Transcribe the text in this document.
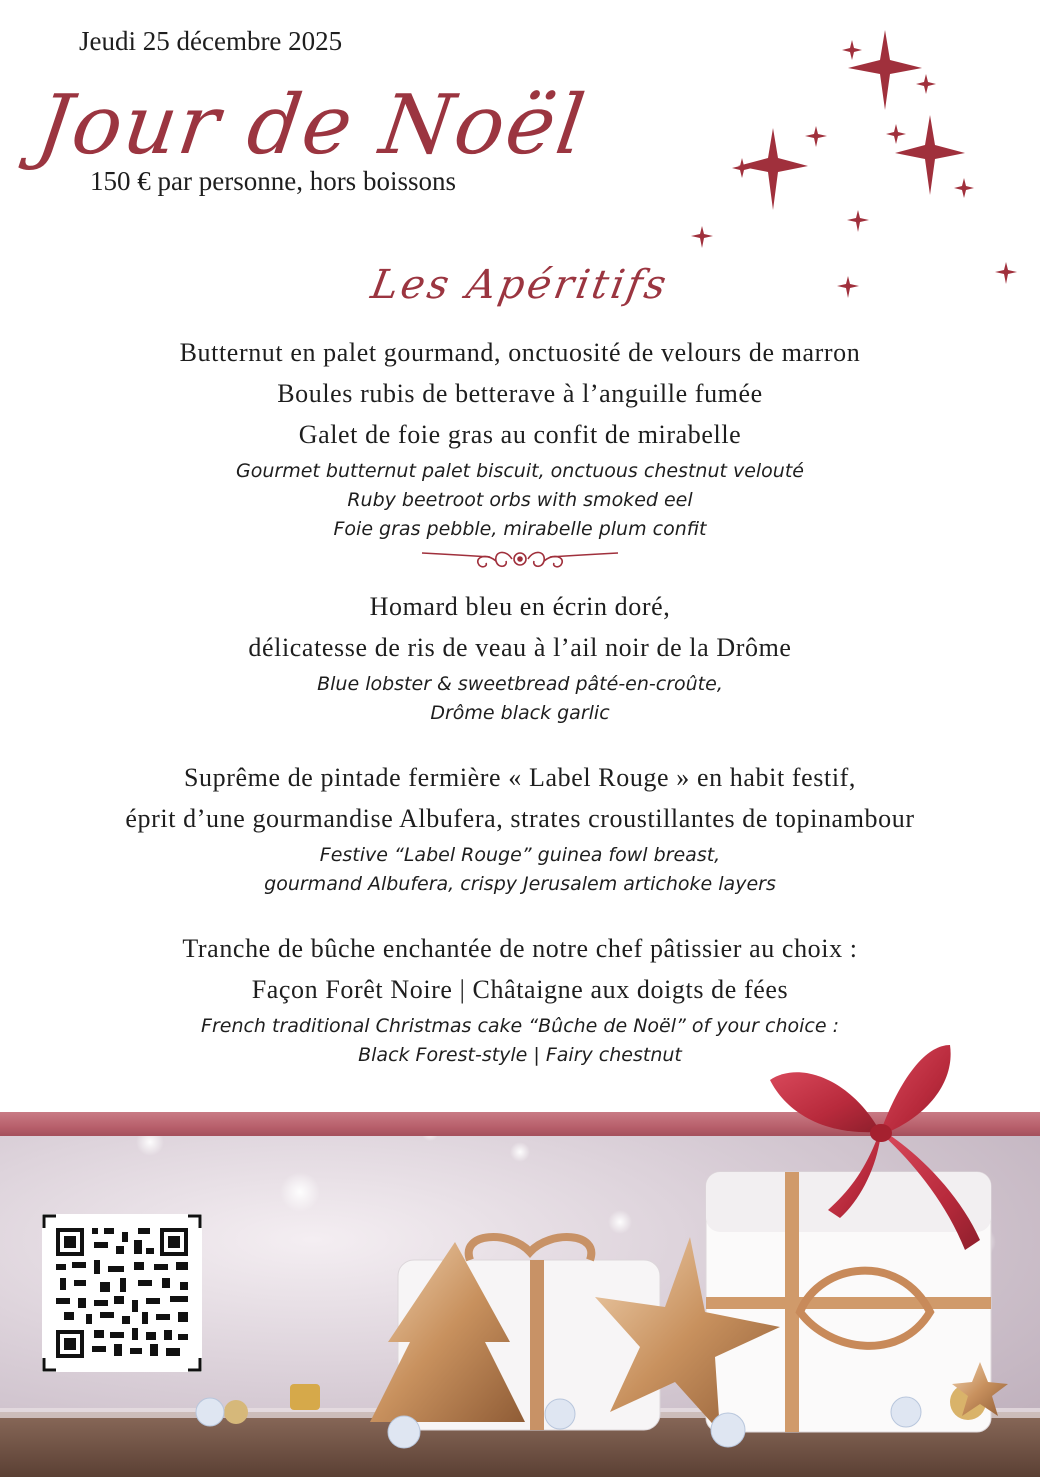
Jeudi 25 décembre 2025
Jour de Noël
150 € par personne, hors boissons
Les Apéritifs
Butternut en palet gourmand, onctuosité de velours de marron
Boules rubis de betterave à l’anguille fumée
Galet de foie gras au confit de mirabelle
Gourmet butternut palet biscuit, onctuous chestnut velouté
Ruby beetroot orbs with smoked eel
Foie gras pebble, mirabelle plum confit
Homard bleu en écrin doré,
délicatesse de ris de veau à l’ail noir de la Drôme
Blue lobster & sweetbread pâté-en-croûte,
Drôme black garlic
Suprême de pintade fermière « Label Rouge » en habit festif,
éprit d’une gourmandise Albufera, strates croustillantes de topinambour
Festive “Label Rouge” guinea fowl breast,
gourmand Albufera, crispy Jerusalem artichoke layers
Tranche de bûche enchantée de notre chef pâtissier au choix :
Façon Forêt Noire | Châtaigne aux doigts de fées
French traditional Christmas cake “Bûche de Noël” of your choice :
Black Forest-style | Fairy chestnut
